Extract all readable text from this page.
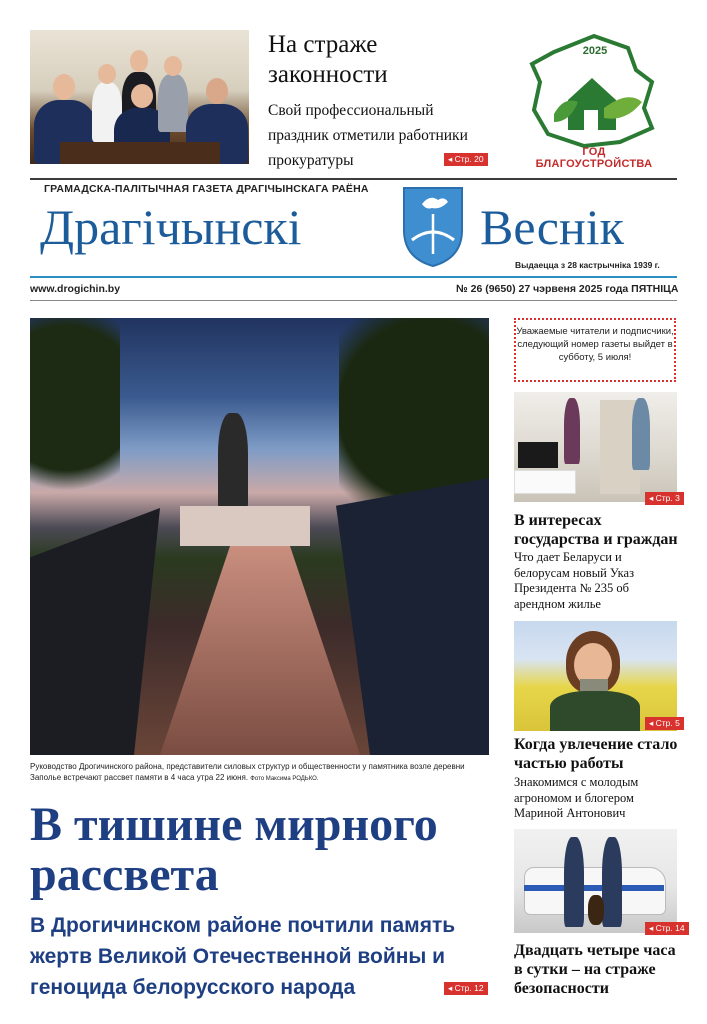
На страже законности
Свой профессиональный праздник отметили работники прокуратуры	◂ Стр. 20
2025
ГОД БЛАГОУСТРОЙСТВА
ГРАМАДСКА-ПАЛІТЫЧНАЯ ГАЗЕТА ДРАГІЧЫНСКАГА РАЁНА
Драгічынскі	Веснік
Выдаецца з 28 кастрычніка 1939 г.
www.drogichin.by	№ 26 (9650) 27 чэрвеня 2025 года ПЯТНІЦА
Руководство Дрогичинского района, представители силовых структур и общественности у памятника возле деревни Заполье встречают рассвет памяти в 4 часа утра 22 июня. Фото Максима РОДЬКО.
В тишине мирного рассвета
В Дрогичинском районе почтили память жертв Великой Отечественной войны и геноцида белорусского народа	◂ Стр. 12
Уважаемые читатели и подписчики, следующий номер газеты выйдет в субботу, 5 июля!
◂ Стр. 3
В интересах государства и граждан
Что дает Беларуси и белорусам новый Указ Президента № 235 об арендном жилье
◂ Стр. 5
Когда увлечение стало частью работы
Знакомимся с молодым агрономом и блогером Мариной Антонович
◂ Стр. 14
Двадцать четыре часа в сутки – на страже безопасности
